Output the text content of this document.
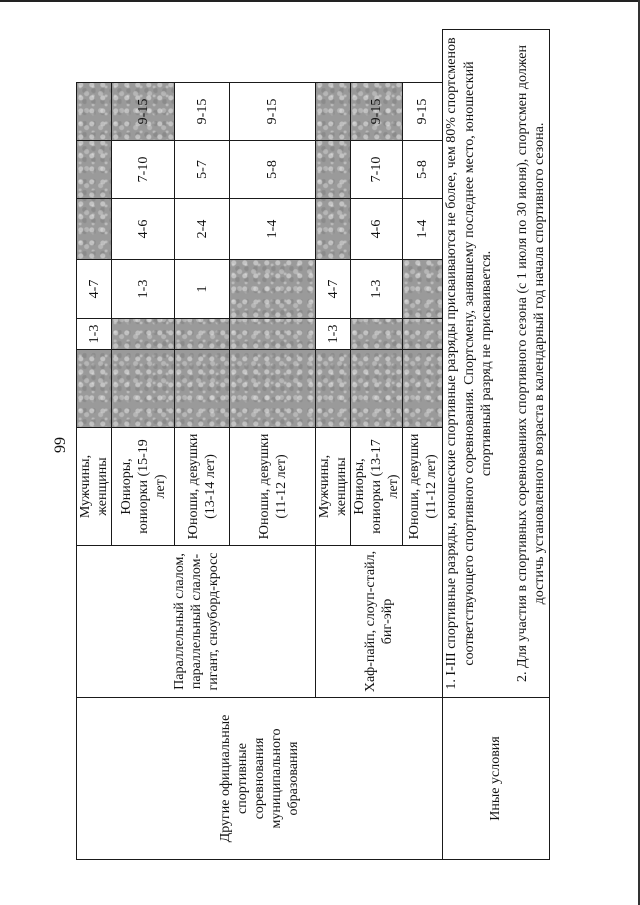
99
Другие официальные спортивные соревнования муниципального образования	Параллельный слалом, параллельный слалом-гигант, сноуборд-кросс	Мужчины, женщины		1-3	4-7			
		Юниоры, юниорки (15-19 лет)			1-3	4-6	7-10	9-15
		Юноши, девушки (13-14 лет)			1	2-4	5-7	9-15
		Юноши, девушки (11-12 лет)				1-4	5-8	9-15
	Хаф-пайп, слоуп-стайл, биг-эйр	Мужчины, женщины		1-3	4-7			
		Юниоры, юниорки (13-17 лет)			1-3	4-6	7-10	9-15
		Юноши, девушки (11-12 лет)				1-4	5-8	9-15
Иные условия	1. I-III спортивные разряды, юношеские спортивные разряды присваиваются не более, чем 80% спортсменов соответствующего спортивного соревнования. Спортсмену, занявшему последнее место, юношеский спортивный разряд не присваивается. 2. Для участия в спортивных соревнованиях спортивного сезона (с 1 июля по 30 июня), спортсмен должен достичь установленного возраста в календарный год начала спортивного сезона.							
